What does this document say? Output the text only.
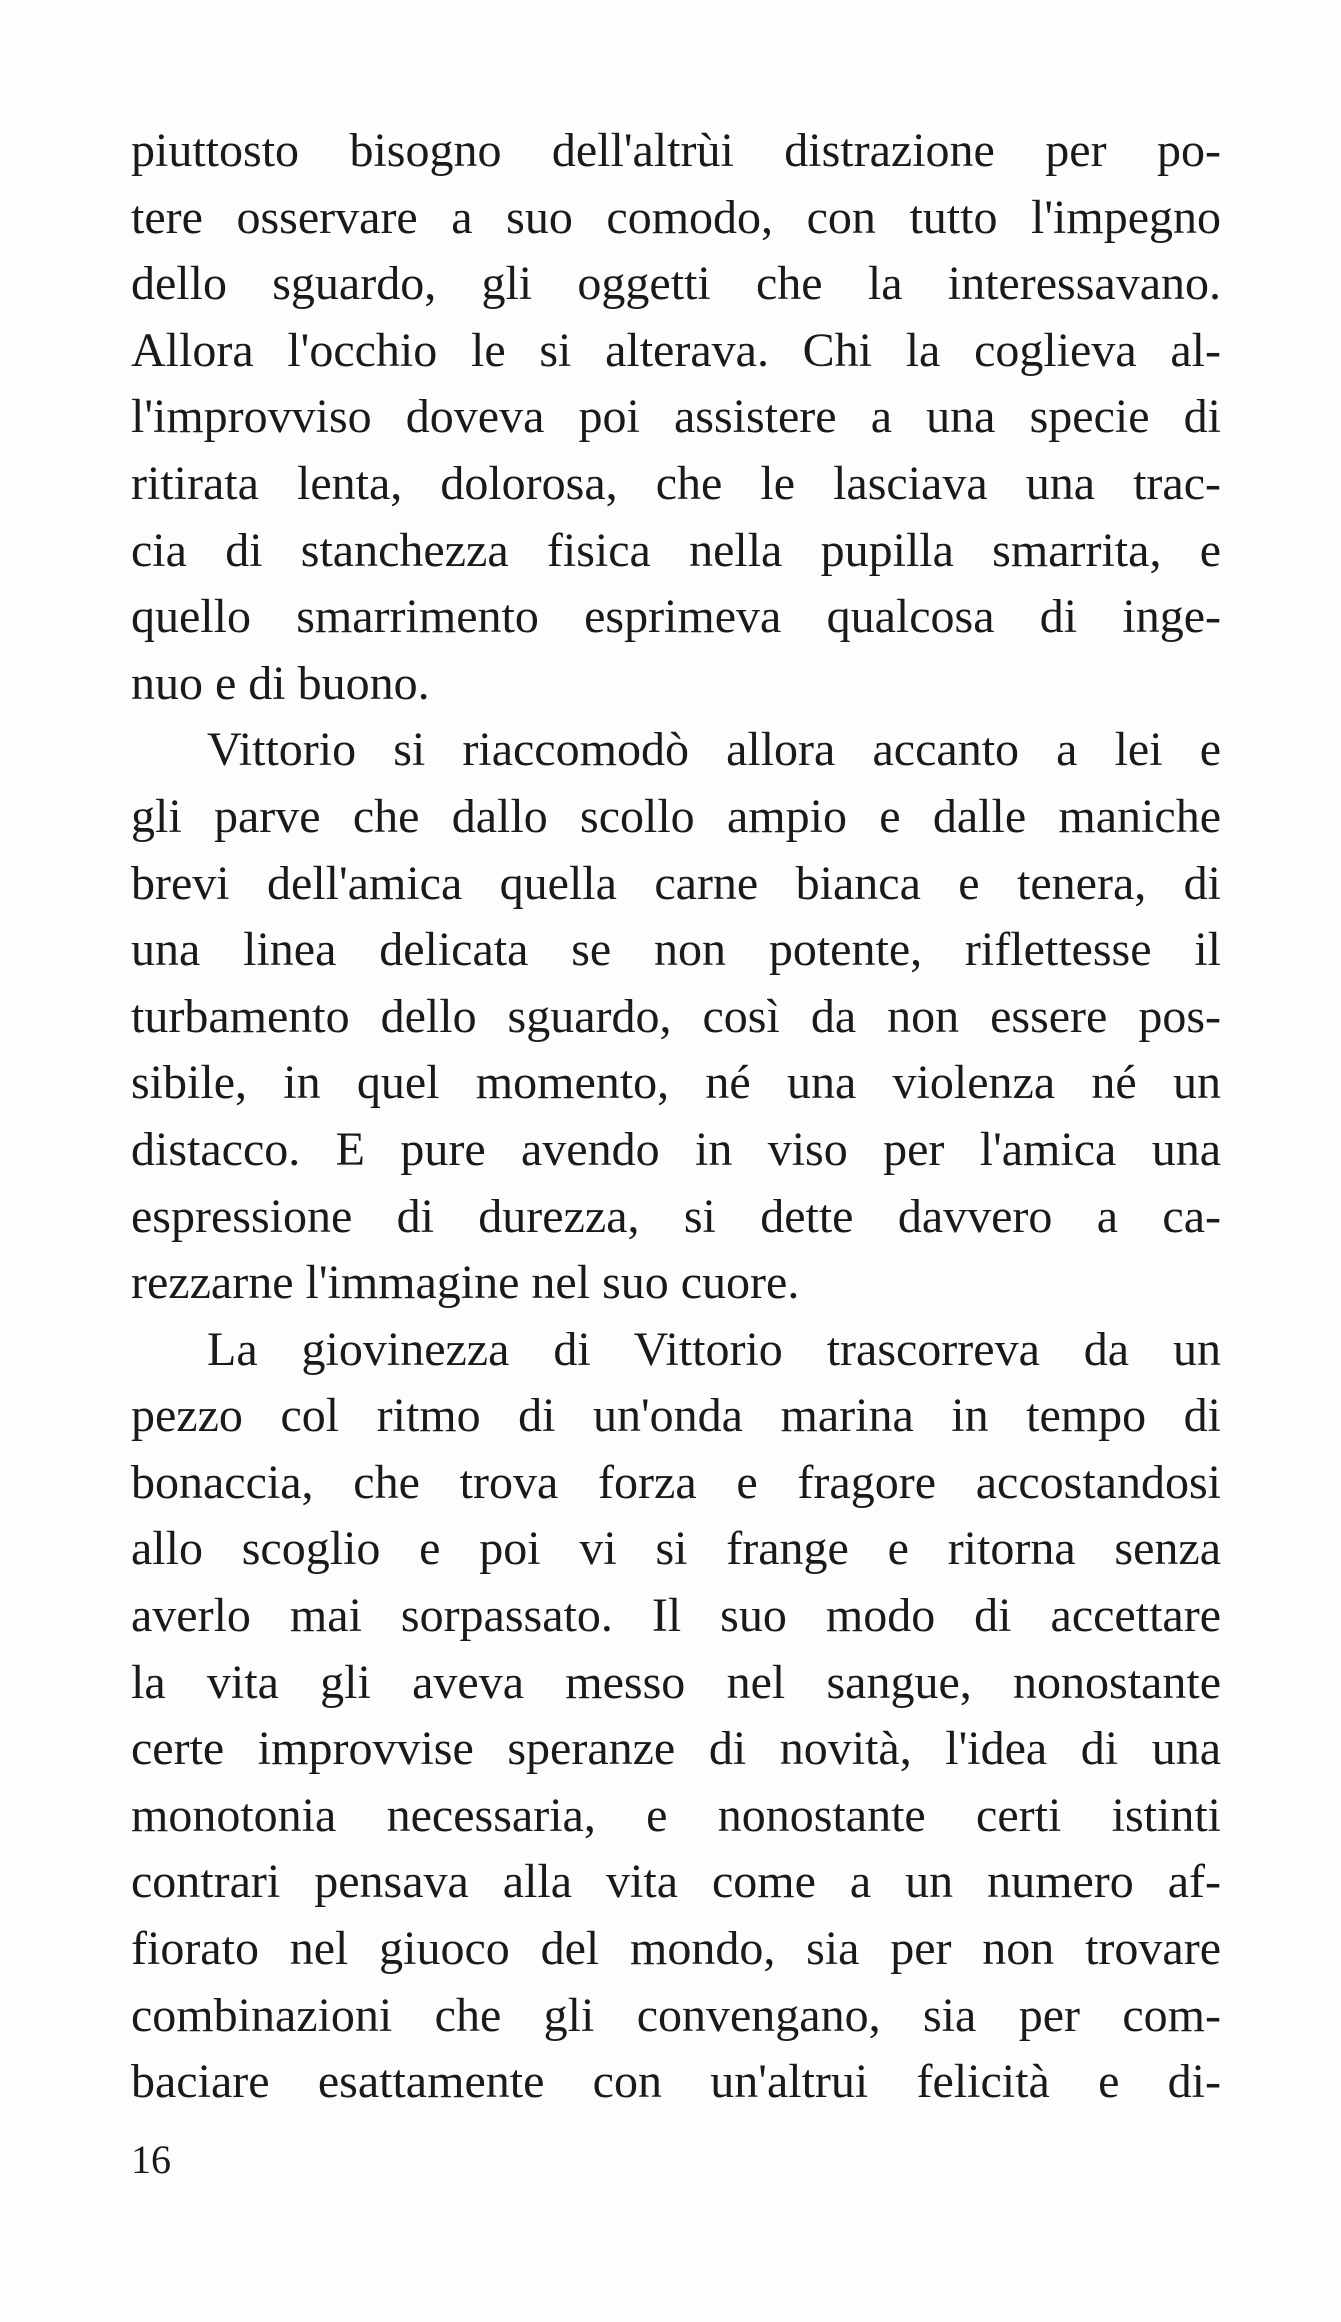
piuttosto bisogno dell'altrùi distrazione per po-
tere osservare a suo comodo, con tutto l'impegno
dello sguardo, gli oggetti che la interessavano.
Allora l'occhio le si alterava. Chi la coglieva al-
l'improvviso doveva poi assistere a una specie di
ritirata lenta, dolorosa, che le lasciava una trac-
cia di stanchezza fisica nella pupilla smarrita, e
quello smarrimento esprimeva qualcosa di inge-
nuo e di buono.
Vittorio si riaccomodò allora accanto a lei e
gli parve che dallo scollo ampio e dalle maniche
brevi dell'amica quella carne bianca e tenera, di
una linea delicata se non potente, riflettesse il
turbamento dello sguardo, così da non essere pos-
sibile, in quel momento, né una violenza né un
distacco. E pure avendo in viso per l'amica una
espressione di durezza, si dette davvero a ca-
rezzarne l'immagine nel suo cuore.
La giovinezza di Vittorio trascorreva da un
pezzo col ritmo di un'onda marina in tempo di
bonaccia, che trova forza e fragore accostandosi
allo scoglio e poi vi si frange e ritorna senza
averlo mai sorpassato. Il suo modo di accettare
la vita gli aveva messo nel sangue, nonostante
certe improvvise speranze di novità, l'idea di una
monotonia necessaria, e nonostante certi istinti
contrari pensava alla vita come a un numero af-
fiorato nel giuoco del mondo, sia per non trovare
combinazioni che gli convengano, sia per com-
baciare esattamente con un'altrui felicità e di-
16
